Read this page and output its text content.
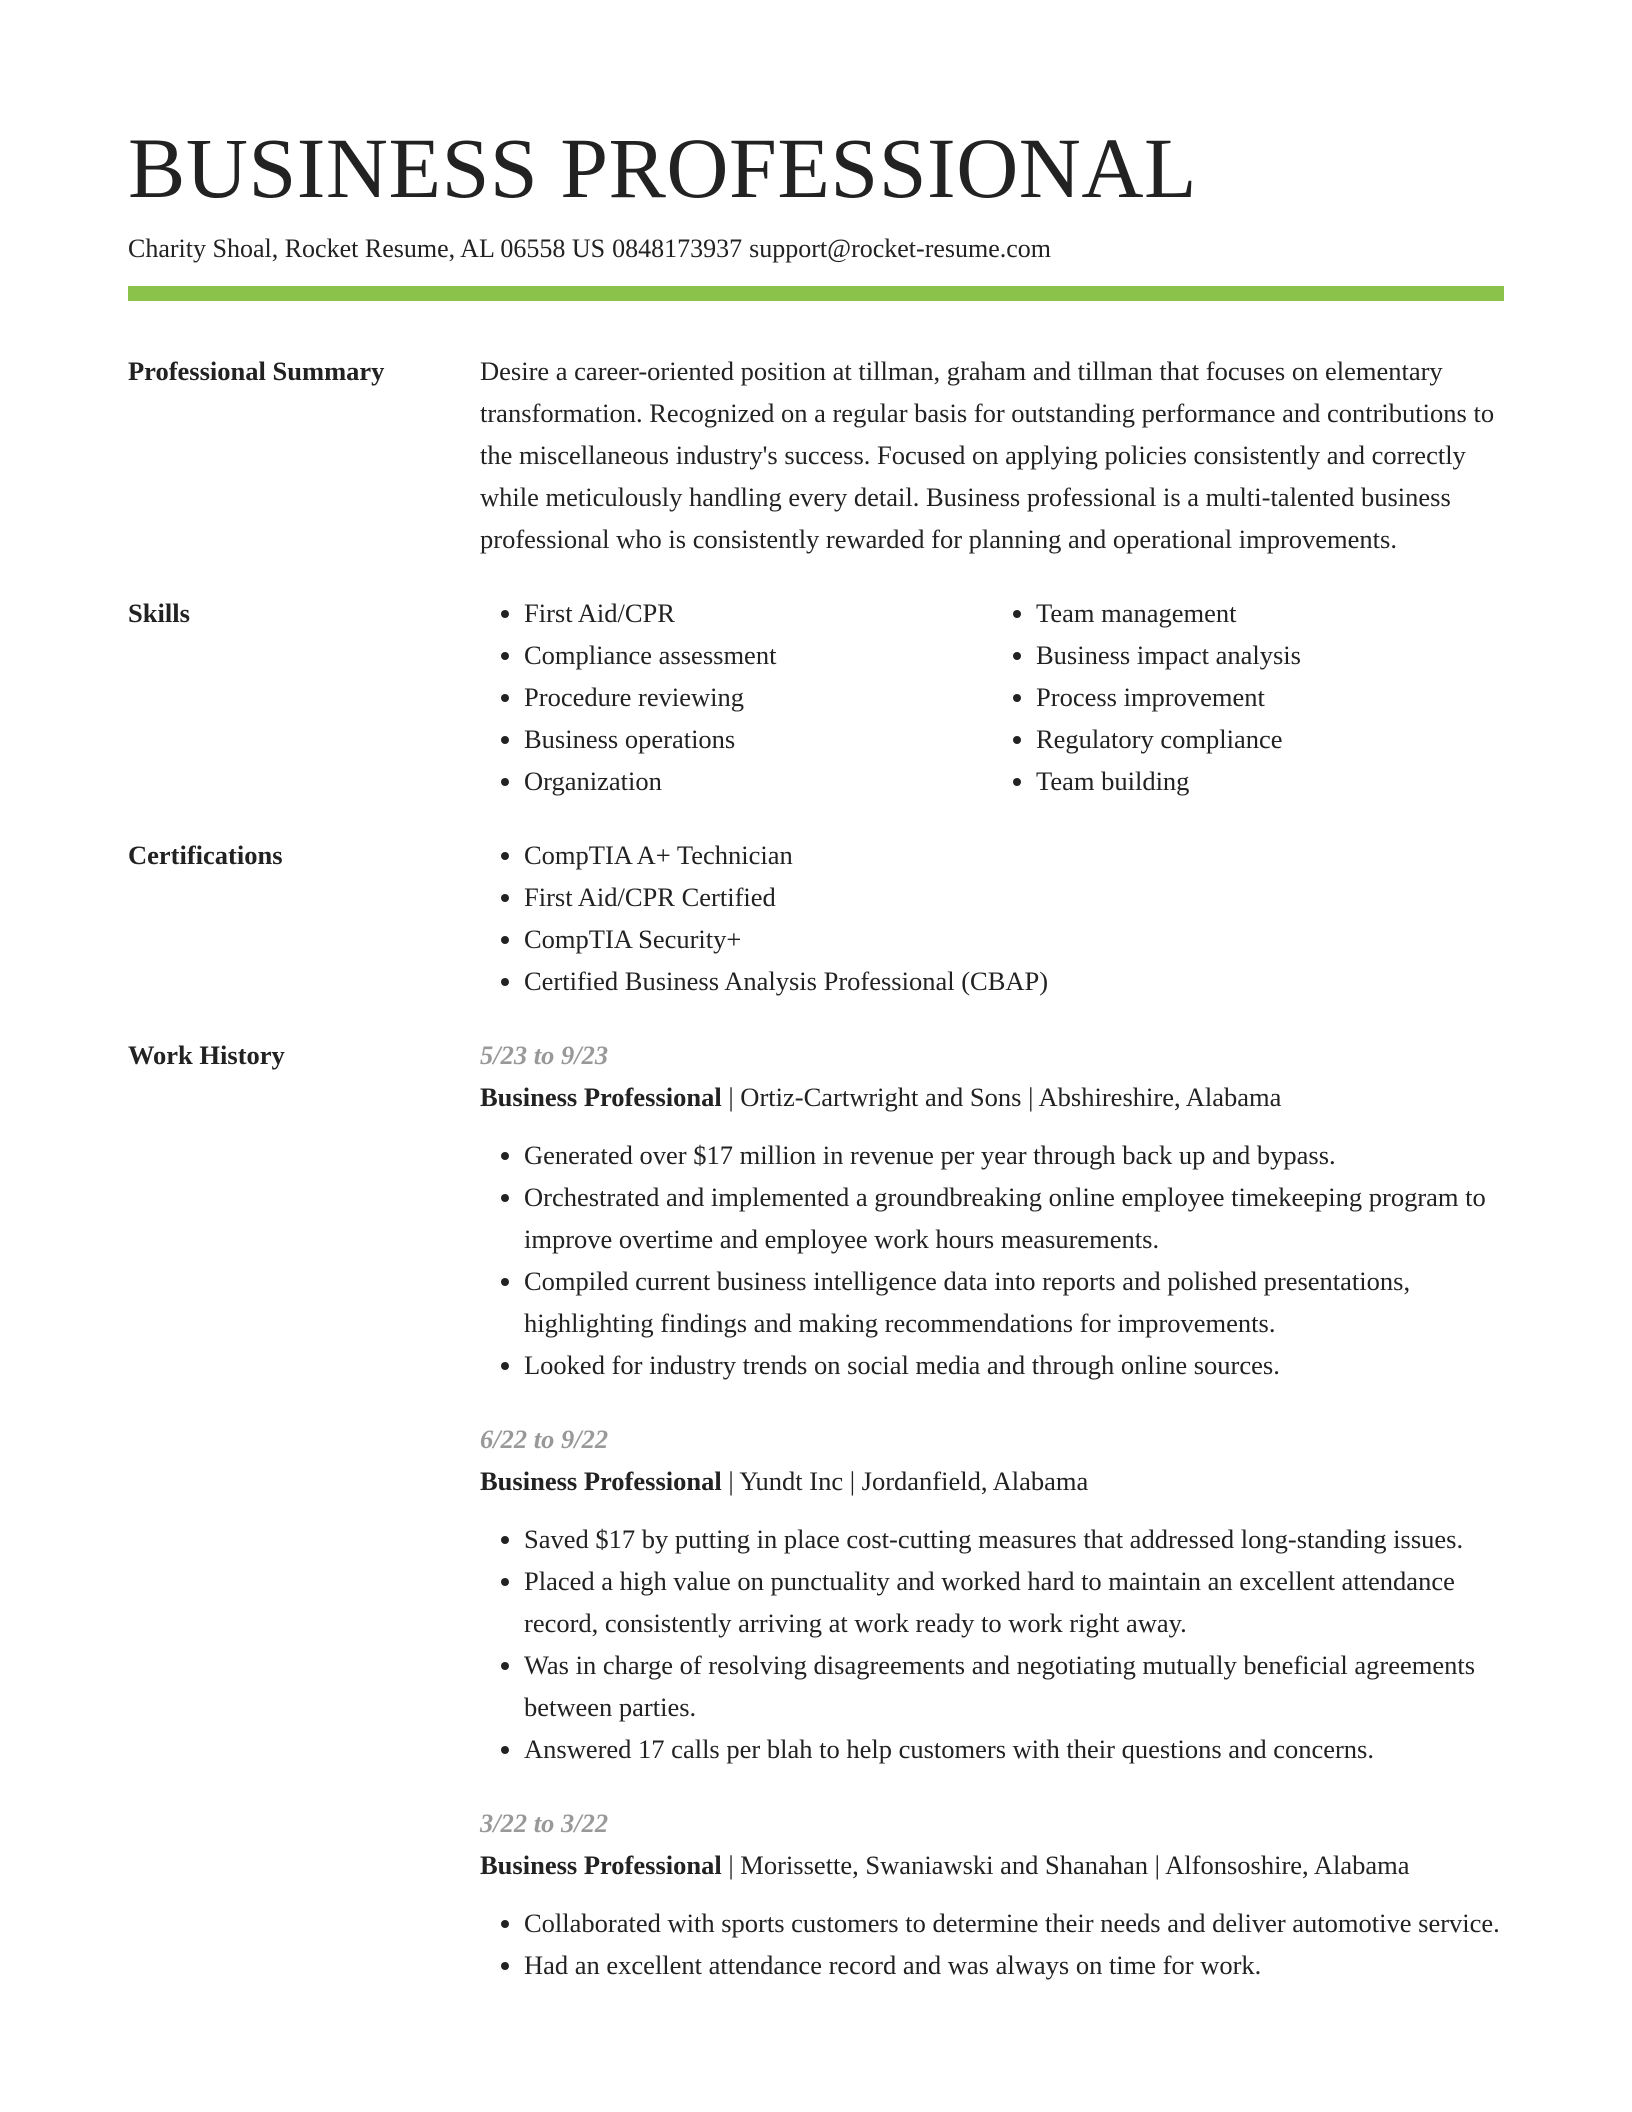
BUSINESS PROFESSIONAL
Charity Shoal, Rocket Resume, AL 06558 US 0848173937 support@rocket-resume.com
Professional Summary	Desire a career-oriented position at tillman, graham and tillman that focuses on elementary transformation. Recognized on a regular basis for outstanding performance and contributions to the miscellaneous industry's success. Focused on applying policies consistently and correctly while meticulously handling every detail. Business professional is a multi-talented business professional who is consistently rewarded for planning and operational improvements.

Skills	• First Aid/CPR
• Compliance assessment
• Procedure reviewing
• Business operations
• Organization
• Team management
• Business impact analysis
• Process improvement
• Regulatory compliance
• Team building
Certifications	• CompTIA A+ Technician
• First Aid/CPR Certified
• CompTIA Security+
• Certified Business Analysis Professional (CBAP)
Work History	5/23 to 9/23
Business Professional | Ortiz-Cartwright and Sons | Abshireshire, Alabama
• Generated over $17 million in revenue per year through back up and bypass.
• Orchestrated and implemented a groundbreaking online employee timekeeping program to improve overtime and employee work hours measurements.
• Compiled current business intelligence data into reports and polished presentations, highlighting findings and making recommendations for improvements.
• Looked for industry trends on social media and through online sources.
6/22 to 9/22
Business Professional | Yundt Inc | Jordanfield, Alabama
• Saved $17 by putting in place cost-cutting measures that addressed long-standing issues.
• Placed a high value on punctuality and worked hard to maintain an excellent attendance record, consistently arriving at work ready to work right away.
• Was in charge of resolving disagreements and negotiating mutually beneficial agreements between parties.
• Answered 17 calls per blah to help customers with their questions and concerns.
3/22 to 3/22
Business Professional | Morissette, Swaniawski and Shanahan | Alfonsoshire, Alabama
• Collaborated with sports customers to determine their needs and deliver automotive service.
• Had an excellent attendance record and was always on time for work.
